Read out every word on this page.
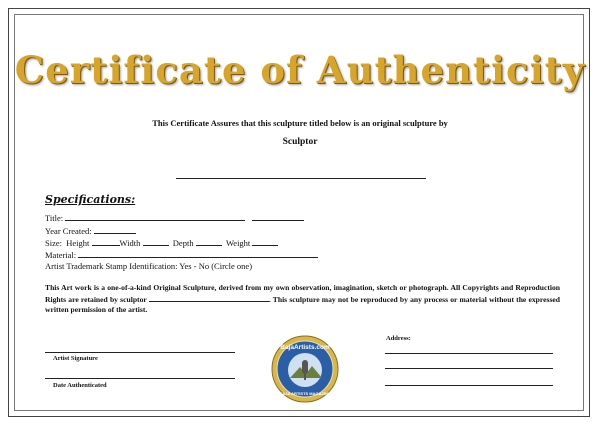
Certificate of Authenticity
This Certificate Assures that this sculpture titled below is an original sculpture by
Sculptor
Specifications:
Title:
Year Created:
Size: Height	Width	Depth	Weight
Material:
Artist Trademark Stamp Identification: Yes - No (Circle one)
This Art work is a one-of-a-kind Original Sculpture, derived from my own observation, imagination, sketch or photograph. All Copyrights and Reproduction Rights are retained by sculptor	. This sculpture may not be reproduced by any process or material without the expressed written permission of the artist.
Address:
Artist Signature
Date Authenticated
BajaArtists.com
BAJA ARTISTS MAGAZINE
